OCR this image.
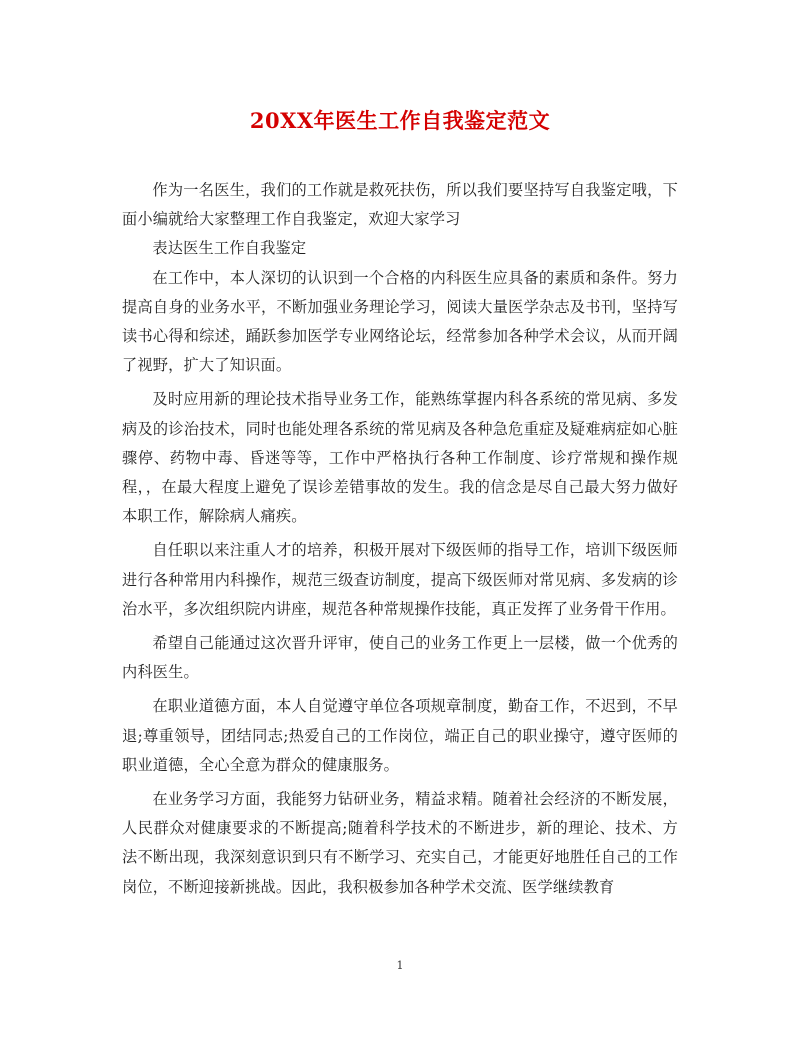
20XX年医生工作自我鉴定范文

作为一名医生，我们的工作就是救死扶伤，所以我们要坚持写自我鉴定哦，下面小编就给大家整理工作自我鉴定，欢迎大家学习

表达医生工作自我鉴定

在工作中，本人深切的认识到一个合格的内科医生应具备的素质和条件。努力提高自身的业务水平，不断加强业务理论学习，阅读大量医学杂志及书刊，坚持写读书心得和综述，踊跃参加医学专业网络论坛，经常参加各种学术会议，从而开阔了视野，扩大了知识面。

及时应用新的理论技术指导业务工作，能熟练掌握内科各系统的常见病、多发病及的诊治技术，同时也能处理各系统的常见病及各种急危重症及疑难病症如心脏骤停、药物中毒、昏迷等等，工作中严格执行各种工作制度、诊疗常规和操作规程，，在最大程度上避免了误诊差错事故的发生。我的信念是尽自己最大努力做好本职工作，解除病人痛疾。

自任职以来注重人才的培养，积极开展对下级医师的指导工作，培训下级医师进行各种常用内科操作，规范三级查访制度，提高下级医师对常见病、多发病的诊治水平，多次组织院内讲座，规范各种常规操作技能，真正发挥了业务骨干作用。

希望自己能通过这次晋升评审，使自己的业务工作更上一层楼，做一个优秀的内科医生。

在职业道德方面，本人自觉遵守单位各项规章制度，勤奋工作，不迟到，不早退;尊重领导，团结同志;热爱自己的工作岗位，端正自己的职业操守，遵守医师的职业道德，全心全意为群众的健康服务。

在业务学习方面，我能努力钻研业务，精益求精。随着社会经济的不断发展，人民群众对健康要求的不断提高;随着科学技术的不断进步，新的理论、技术、方法不断出现，我深刻意识到只有不断学习、充实自己，才能更好地胜任自己的工作岗位，不断迎接新挑战。因此，我积极参加各种学术交流、医学继续教育

1
